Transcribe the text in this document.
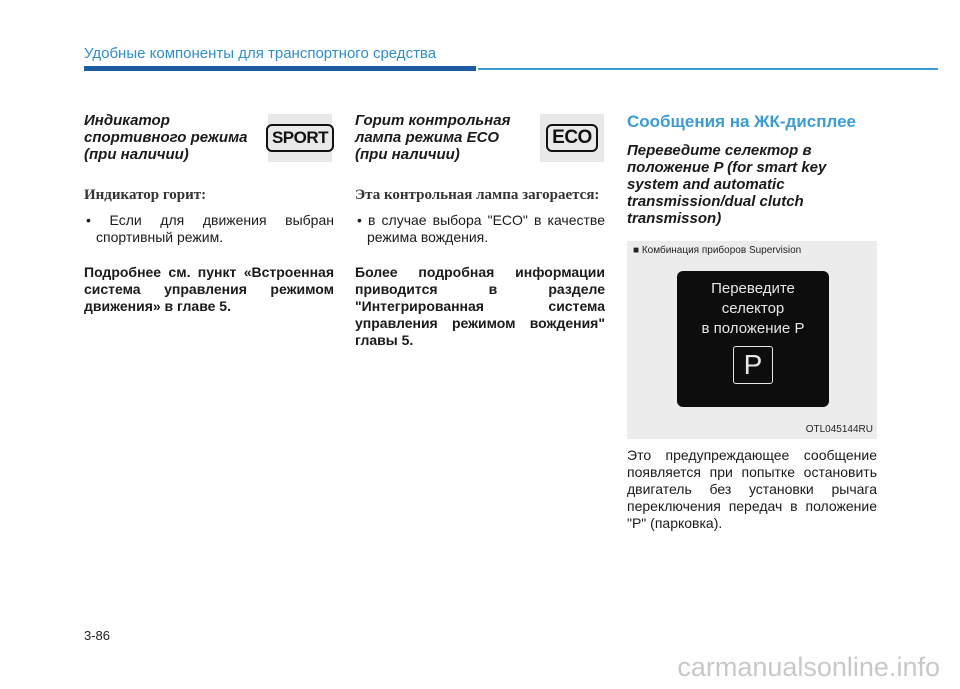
Удобные компоненты для транспортного средства

Индикатор спортивного режима (при наличии)

SPORT
Индикатор горит:

• Если для движения выбран спортивный режим.

Подробнее см. пункт «Встроенная система управления режимом движения» в главе 5.

Горит контрольная лампа режима ECO (при наличии)

ECO
Эта контрольная лампа загорается:

• в случае выбора "ECO" в качестве режима вождения.

Более подробная информации приводится в разделе "Интегрированная система управления режимом вождения" главы 5.

Сообщения на ЖК-дисплее

Переведите селектор в положение P (for smart key system and automatic transmission/dual clutch transmisson)

■ Комбинация приборов Supervision
Переведите
селектор
в положение P
P
OTL045144RU

Это предупреждающее сообщение появляется при попытке остановить двигатель без установки рычага переключения передач в положение "P" (парковка).

3-86
carmanualsonline.info
